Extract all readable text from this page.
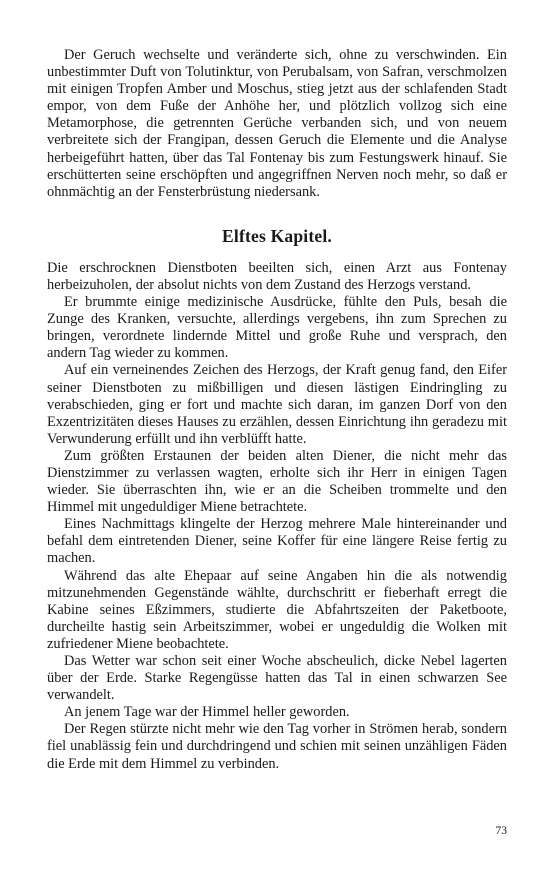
Der Geruch wechselte und veränderte sich, ohne zu verschwinden. Ein unbestimmter Duft von Tolutinktur, von Perubalsam, von Safran, verschmolzen mit einigen Tropfen Amber und Moschus, stieg jetzt aus der schlafenden Stadt empor, von dem Fuße der Anhöhe her, und plötzlich vollzog sich eine Metamorphose, die getrennten Gerüche verbanden sich, und von neuem verbreitete sich der Frangipan, dessen Geruch die Elemente und die Analyse herbeigeführt hatten, über das Tal Fontenay bis zum Festungswerk hinauf. Sie erschütterten seine erschöpften und angegriffnen Nerven noch mehr, so daß er ohnmächtig an der Fensterbrüstung niedersank.

Elftes Kapitel.

Die erschrocknen Dienstboten beeilten sich, einen Arzt aus Fontenay herbeizuholen, der absolut nichts von dem Zustand des Herzogs verstand.

Er brummte einige medizinische Ausdrücke, fühlte den Puls, besah die Zunge des Kranken, versuchte, allerdings vergebens, ihn zum Sprechen zu bringen, verordnete lindernde Mittel und große Ruhe und versprach, den andern Tag wieder zu kommen.

Auf ein verneinendes Zeichen des Herzogs, der Kraft genug fand, den Eifer seiner Dienstboten zu mißbilligen und diesen lästigen Eindringling zu verabschieden, ging er fort und machte sich daran, im ganzen Dorf von den Exzentrizitäten dieses Hauses zu erzählen, dessen Einrichtung ihn geradezu mit Verwunderung erfüllt und ihn verblüfft hatte.

Zum größten Erstaunen der beiden alten Diener, die nicht mehr das Dienstzimmer zu verlassen wagten, erholte sich ihr Herr in einigen Tagen wieder. Sie überraschten ihn, wie er an die Scheiben trommelte und den Himmel mit ungeduldiger Miene betrachtete.

Eines Nachmittags klingelte der Herzog mehrere Male hintereinander und befahl dem eintretenden Diener, seine Koffer für eine längere Reise fertig zu machen.

Während das alte Ehepaar auf seine Angaben hin die als notwendig mitzunehmenden Gegenstände wählte, durchschritt er fieberhaft erregt die Kabine seines Eßzimmers, studierte die Abfahrtszeiten der Paketboote, durcheilte hastig sein Arbeitszimmer, wobei er ungeduldig die Wolken mit zufriedener Miene beobachtete.

Das Wetter war schon seit einer Woche abscheulich, dicke Nebel lagerten über der Erde. Starke Regengüsse hatten das Tal in einen schwarzen See verwandelt.

An jenem Tage war der Himmel heller geworden.

Der Regen stürzte nicht mehr wie den Tag vorher in Strömen herab, sondern fiel unablässig fein und durchdringend und schien mit seinen unzähligen Fäden die Erde mit dem Himmel zu verbinden.

73
